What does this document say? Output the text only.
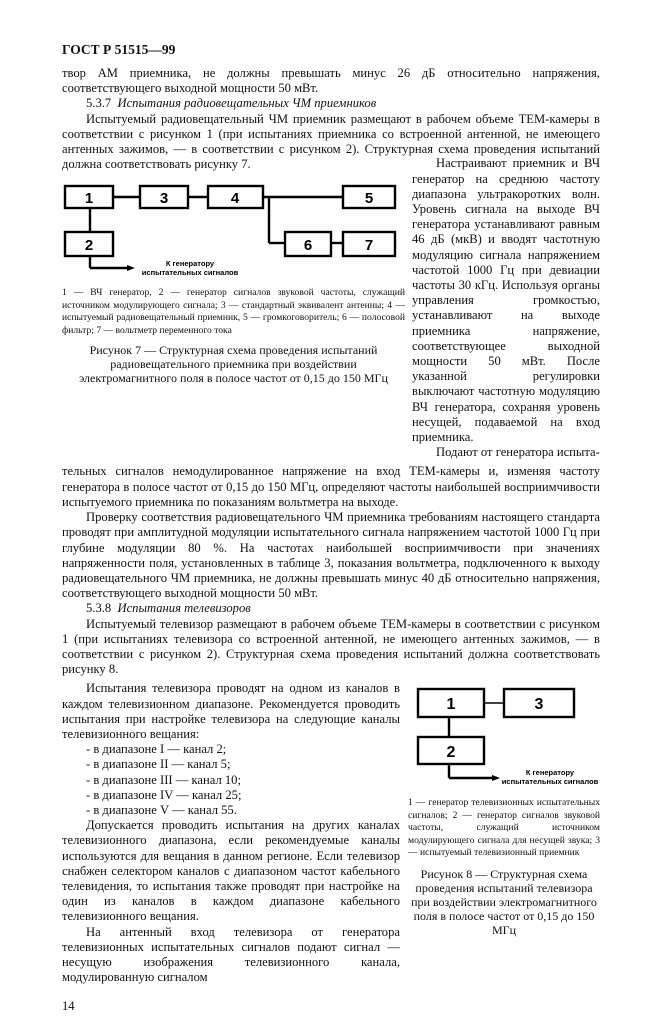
ГОСТ Р 51515—99

твор АМ приемника, не должны превышать минус 26 дБ относительно напряжения, соответствующего выходной мощности 50 мВт.

5.3.7 Испытания радиовещательных ЧМ приемников

Испытуемый радиовещательный ЧМ приемник размещают в рабочем объеме ТЕМ-камеры в соответствии с рисунком 1 (при испытаниях приемника со встроенной антенной, не имеющего антенных зажимов, — в соответствии с рисунком 2). Структурная схема проведения испытаний должна соответствовать рисунку 7.

1	3	4	5
2	6	7
К генератору
испытательных сигналов
1 — ВЧ генератор, 2 — генератор сигналов звуковой частоты, служащий источником модулирующего сигнала; 3 — стандартный эквивалент антенны; 4 — испытуемый радиовещательный приемник, 5 — громкоговоритель; 6 — полосовой фильтр; 7 — вольтметр переменного тока
Рисунок 7 — Структурная схема проведения испытаний радиовещательного приемника при воздействии электромагнитного поля в полосе частот от 0,15 до 150 МГц

Настраивают приемник и ВЧ генератор на среднюю частоту диапазона ультракоротких волн. Уровень сигнала на выходе ВЧ генератора устанавливают равным 46 дБ (мкВ) и вводят частотную модуляцию сигнала напряжением частотой 1000 Гц при девиации частоты 30 кГц. Используя органы управления громкостью, устанавливают на выходе приемника напряжение, соответствующее выходной мощности 50 мВт. После указанной регулировки выключают частотную модуляцию ВЧ генератора, сохраняя уровень несущей, подаваемой на вход приемника.

Подают от генератора испыта-

тельных сигналов немодулированное напряжение на вход ТЕМ-камеры и, изменяя частоту генератора в полосе частот от 0,15 до 150 МГц, определяют частоты наибольшей восприимчивости испытуемого приемника по показаниям вольтметра на выходе.

Проверку соответствия радиовещательного ЧМ приемника требованиям настоящего стандарта проводят при амплитудной модуляции испытательного сигнала напряжением частотой 1000 Гц при глубине модуляции 80 %. На частотах наибольшей восприимчивости при значениях напряженности поля, установленных в таблице 3, показания вольтметра, подключенного к выходу радиовещательного ЧМ приемника, не должны превышать минус 40 дБ относительно напряжения, соответствующего выходной мощности 50 мВт.

5.3.8 Испытания телевизоров

Испытуемый телевизор размещают в рабочем объеме ТЕМ-камеры в соответствии с рисунком 1 (при испытаниях телевизора со встроенной антенной, не имеющего антенных зажимов, — в соответствии с рисунком 2). Структурная схема проведения испытаний должна соответствовать рисунку 8.

Испытания телевизора проводят на одном из каналов в каждом телевизионном диапазоне. Рекомендуется проводить испытания при настройке телевизора на следующие каналы телевизионного вещания:

- в диапазоне I — канал 2;
- в диапазоне II — канал 5;
- в диапазоне III — канал 10;
- в диапазоне IV — канал 25;
- в диапазоне V — канал 55.

Допускается проводить испытания на других каналах телевизионного диапазона, если рекомендуемые каналы используются для вещания в данном регионе. Если телевизор снабжен селектором каналов с диапазоном частот кабельного телевидения, то испытания также проводят при настройке на один из каналов в каждом диапазоне кабельного телевизионного вещания.

На антенный вход телевизора от генератора телевизионных испытательных сигналов подают сигнал — несущую изображения телевизионного канала, модулированную сигналом

1	3
2
К генератору
испытательных сигналов
1 — генератор телевизионных испытательных сигналов; 2 — генератор сигналов звуковой частоты, служащий источником модулирующего сигнала для несущей звука; 3 — испытуемый телевизионный приемник
Рисунок 8 — Структурная схема проведения испытаний телевизора при воздействии электромагнитного поля в полосе частот от 0,15 до 150 МГц
14
